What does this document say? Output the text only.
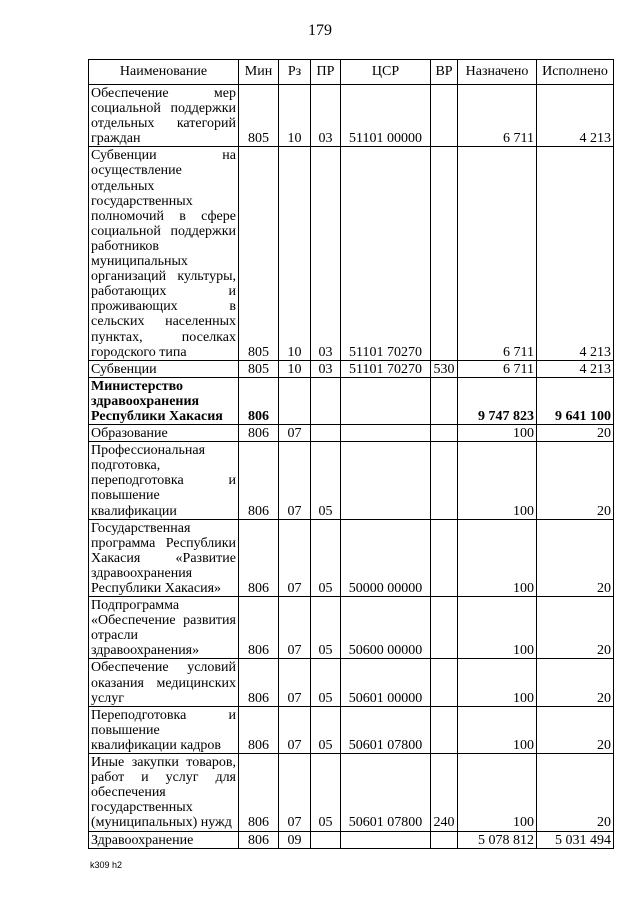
179
Наименование	Мин	Рз	ПР	ЦСР	ВР	Назначено	Исполнено
Обеспечение мер социальной поддержки отдельных категорий граждан	805	10	03	51101 00000		6 711	4 213
Субвенции на осуществление отдельных государственных полномочий в сфере социальной поддержки работников муниципальных организаций культуры, работающих и проживающих в сельских населенных пунктах, поселках городского типа	805	10	03	51101 70270		6 711	4 213
Субвенции	805	10	03	51101 70270	530	6 711	4 213
Министерство здравоохранения Республики Хакасия	806					9 747 823	9 641 100
Образование	806	07				100	20
Профессиональная подготовка, переподготовка и повышение квалификации	806	07	05			100	20
Государственная программа Республики Хакасия «Развитие здравоохранения Республики Хакасия»	806	07	05	50000 00000		100	20
Подпрограмма «Обеспечение развития отрасли здравоохранения»	806	07	05	50600 00000		100	20
Обеспечение условий оказания медицинских услуг	806	07	05	50601 00000		100	20
Переподготовка и повышение квалификации кадров	806	07	05	50601 07800		100	20
Иные закупки товаров, работ и услуг для обеспечения государственных (муниципальных) нужд	806	07	05	50601 07800	240	100	20
Здравоохранение	806	09				5 078 812	5 031 494
k309 h2
